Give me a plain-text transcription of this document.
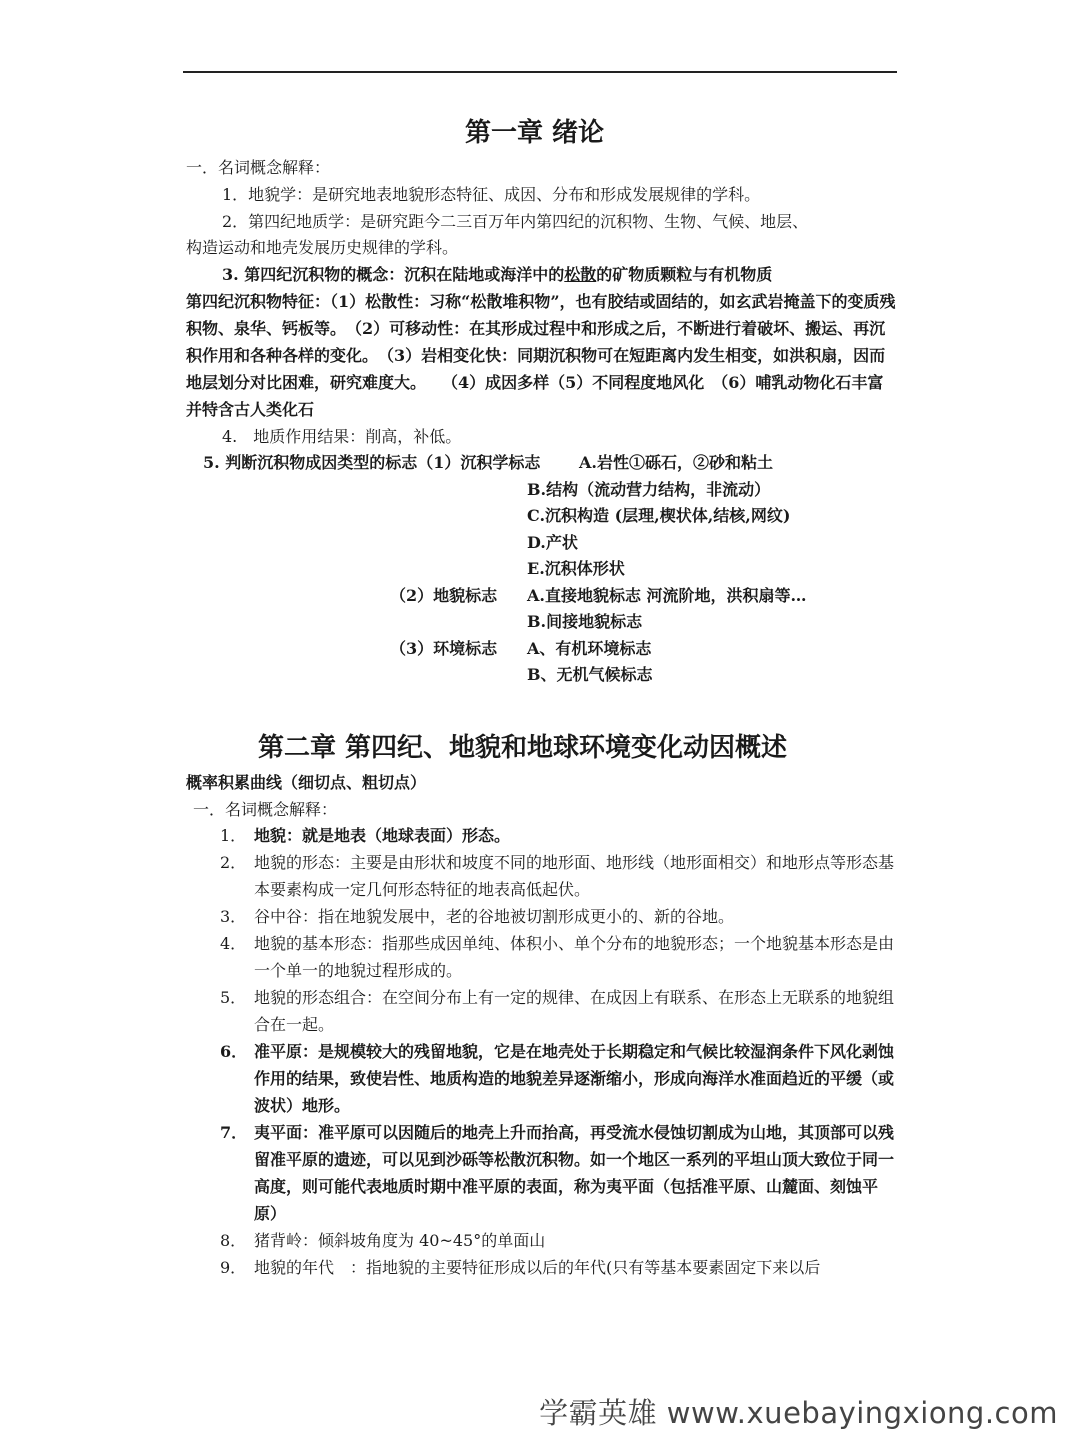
第一章 绪论
一．名词概念解释：
1．地貌学：是研究地表地貌形态特征、成因、分布和形成发展规律的学科。
2．第四纪地质学：是研究距今二三百万年内第四纪的沉积物、生物、气候、地层、
构造运动和地壳发展历史规律的学科。
3. 第四纪沉积物的概念：沉积在陆地或海洋中的松散的矿物质颗粒与有机物质
第四纪沉积物特征：（1）松散性：习称“松散堆积物”，也有胶结或固结的，如玄武岩掩盖下的变质残积物、泉华、钙板等。　（2）可移动性：在其形成过程中和形成之后，不断进行着破坏、搬运、再沉积作用和各种各样的变化。　（3）岩相变化快：同期沉积物可在短距离内发生相变，如洪积扇，因而地层划分对比困难，研究难度大。　　（4）成因多样（5）不同程度地风化　（6）哺乳动物化石丰富并特含古人类化石
4.　地质作用结果：削高，补低。
5. 判断沉积物成因类型的标志（1）沉积学标志 A.岩性①砾石，②砂和粘土
B.结构（流动营力结构，非流动）
C.沉积构造 (层理,楔状体,结核,网纹)
D.产状
E.沉积体形状
（2）地貌标志 A.直接地貌标志 河流阶地，洪积扇等…
B.间接地貌标志
（3）环境标志 A、有机环境标志
B、无机气候标志
第二章 第四纪、地貌和地球环境变化动因概述
概率积累曲线（细切点、粗切点）
一．名词概念解释：
1． 地貌：就是地表（地球表面）形态。
2． 地貌的形态：主要是由形状和坡度不同的地形面、地形线（地形面相交）和地形点等形态基本要素构成一定几何形态特征的地表高低起伏。
3． 谷中谷：指在地貌发展中，老的谷地被切割形成更小的、新的谷地。
4． 地貌的基本形态：指那些成因单纯、体积小、单个分布的地貌形态；一个地貌基本形态是由一个单一的地貌过程形成的。
5． 地貌的形态组合：在空间分布上有一定的规律、在成因上有联系、在形态上无联系的地貌组合在一起。
6． 准平原：是规模较大的残留地貌，它是在地壳处于长期稳定和气候比较湿润条件下风化剥蚀作用的结果，致使岩性、地质构造的地貌差异逐渐缩小，形成向海洋水准面趋近的平缓（或波状）地形。
7． 夷平面：准平原可以因随后的地壳上升而抬高，再受流水侵蚀切割成为山地，其顶部可以残留准平原的遗迹，可以见到沙砾等松散沉积物。如一个地区一系列的平坦山顶大致位于同一高度，则可能代表地质时期中准平原的表面，称为夷平面（包括准平原、山麓面、刻蚀平原）
8． 猪背岭：倾斜坡角度为 40~45°的单面山
9． 地貌的年代　：指地貌的主要特征形成以后的年代(只有等基本要素固定下来以后
学霸英雄 www.xuebayingxiong.com
